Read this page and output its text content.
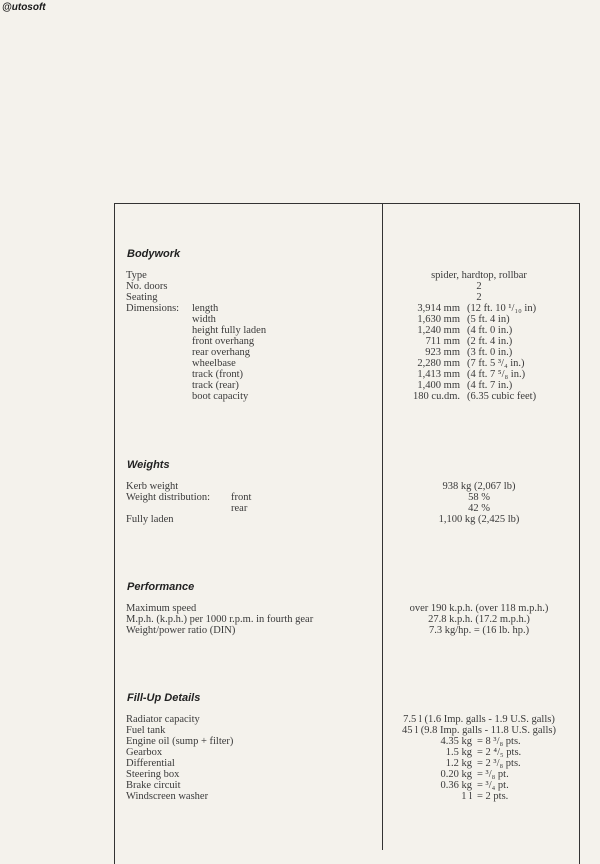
@utosoft
Bodywork
Type	spider, hardtop, rollbar
No. doors	2
Seating	2
Dimensions: length	3,914 mm (12 ft. 10 ¹/₁₀ in)
width	1,630 mm (5 ft. 4 in)
height fully laden	1,240 mm (4 ft. 0 in.)
front overhang	711 mm (2 ft. 4 in.)
rear overhang	923 mm (3 ft. 0 in.)
wheelbase	2,280 mm (7 ft. 5 ³/₄ in.)
track (front)	1,413 mm (4 ft. 7 ⁵/₈ in.)
track (rear)	1,400 mm (4 ft. 7 in.)
boot capacity	180 cu.dm. (6.35 cubic feet)
Weights
Kerb weight	938 kg (2,067 lb)
Weight distribution: front	58 %
rear	42 %
Fully laden	1,100 kg (2,425 lb)
Performance
Maximum speed	over 190 k.p.h. (over 118 m.p.h.)
M.p.h. (k.p.h.) per 1000 r.p.m. in fourth gear	27.8 k.p.h. (17.2 m.p.h.)
Weight/power ratio (DIN)	7.3 kg/hp. = (16 lb. hp.)
Fill-Up Details
Radiator capacity	7.5 l (1.6 Imp. galls - 1.9 U.S. galls)
Fuel tank	45 l (9.8 Imp. galls - 11.8 U.S. galls)
Engine oil (sump + filter)	4.35 kg = 8 ³/₈ pts.
Gearbox	1.5 kg = 2 ⁴/₅ pts.
Differential	1.2 kg = 2 ³/₈ pts.
Steering box	0.20 kg = ³/₈ pt.
Brake circuit	0.36 kg = ³/₄ pt.
Windscreen washer	1 l = 2 pts.
